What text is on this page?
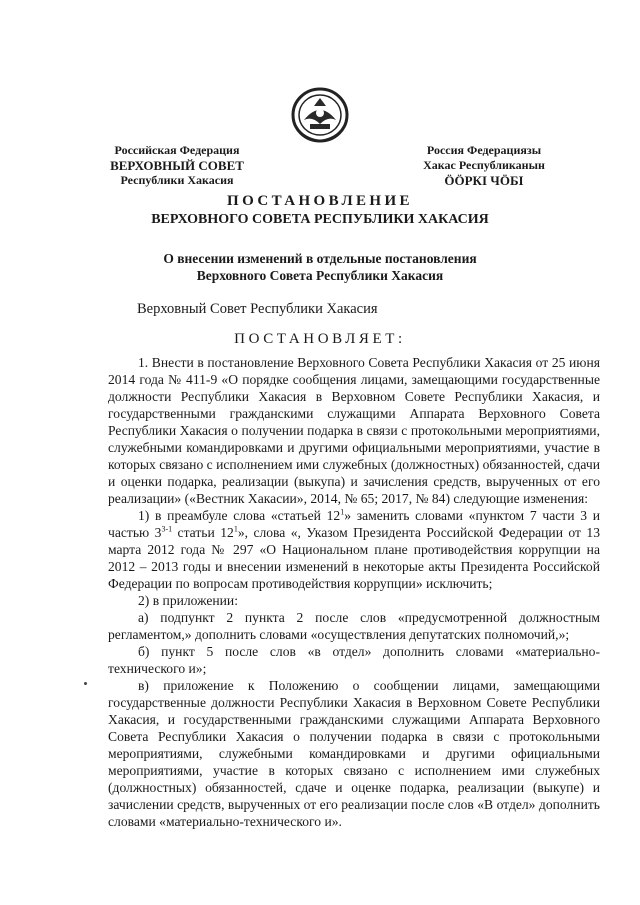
Российская Федерация
ВЕРХОВНЫЙ СОВЕТ
Республики Хакасия
Россия Федерациязы
Хакас Республиканын
ӦӦРКІ ЧӦБІ
ПОСТАНОВЛЕНИЕ
ВЕРХОВНОГО СОВЕТА РЕСПУБЛИКИ ХАКАСИЯ
О внесении изменений в отдельные постановления
Верховного Совета Республики Хакасия
Верховный Совет Республики Хакасия
ПОСТАНОВЛЯЕТ:

1. Внести в постановление Верховного Совета Республики Хакасия от 25 июня 2014 года № 411-9 «О порядке сообщения лицами, замещающими государственные должности Республики Хакасия в Верховном Совете Республики Хакасия, и государственными гражданскими служащими Аппарата Верховного Совета Республики Хакасия о получении подарка в связи с протокольными мероприятиями, служебными командировками и другими официальными мероприятиями, участие в которых связано с исполнением ими служебных (должностных) обязанностей, сдачи и оценки подарка, реализации (выкупа) и зачисления средств, вырученных от его реализации» («Вестник Хакасии», 2014, № 65; 2017, № 84) следующие изменения:

1) в преамбуле слова «статьей $12^1$» заменить словами «пунктом 7 части 3 и частью 3$^{3-1}$ статьи $12^1$», слова «, Указом Президента Российской Федерации от 13 марта 2012 года № 297 «О Национальном плане противодействия коррупции на 2012 – 2013 годы и внесении изменений в некоторые акты Президента Российской Федерации по вопросам противодействия коррупции» исключить;

2) в приложении:

а) подпункт 2 пункта 2 после слов «предусмотренной должностным регламентом,» дополнить словами «осуществления депутатских полномочий,»;

б) пункт 5 после слов «в отдел» дополнить словами «материально-технического и»;

в) приложение к Положению о сообщении лицами, замещающими государственные должности Республики Хакасия в Верховном Совете Республики Хакасия, и государственными гражданскими служащими Аппарата Верховного Совета Республики Хакасия о получении подарка в связи с протокольными мероприятиями, служебными командировками и другими официальными мероприятиями, участие в которых связано с исполнением ими служебных (должностных) обязанностей, сдаче и оценке подарка, реализации (выкупе) и зачислении средств, вырученных от его реализации после слов «В отдел» дополнить словами «материально-технического и».
